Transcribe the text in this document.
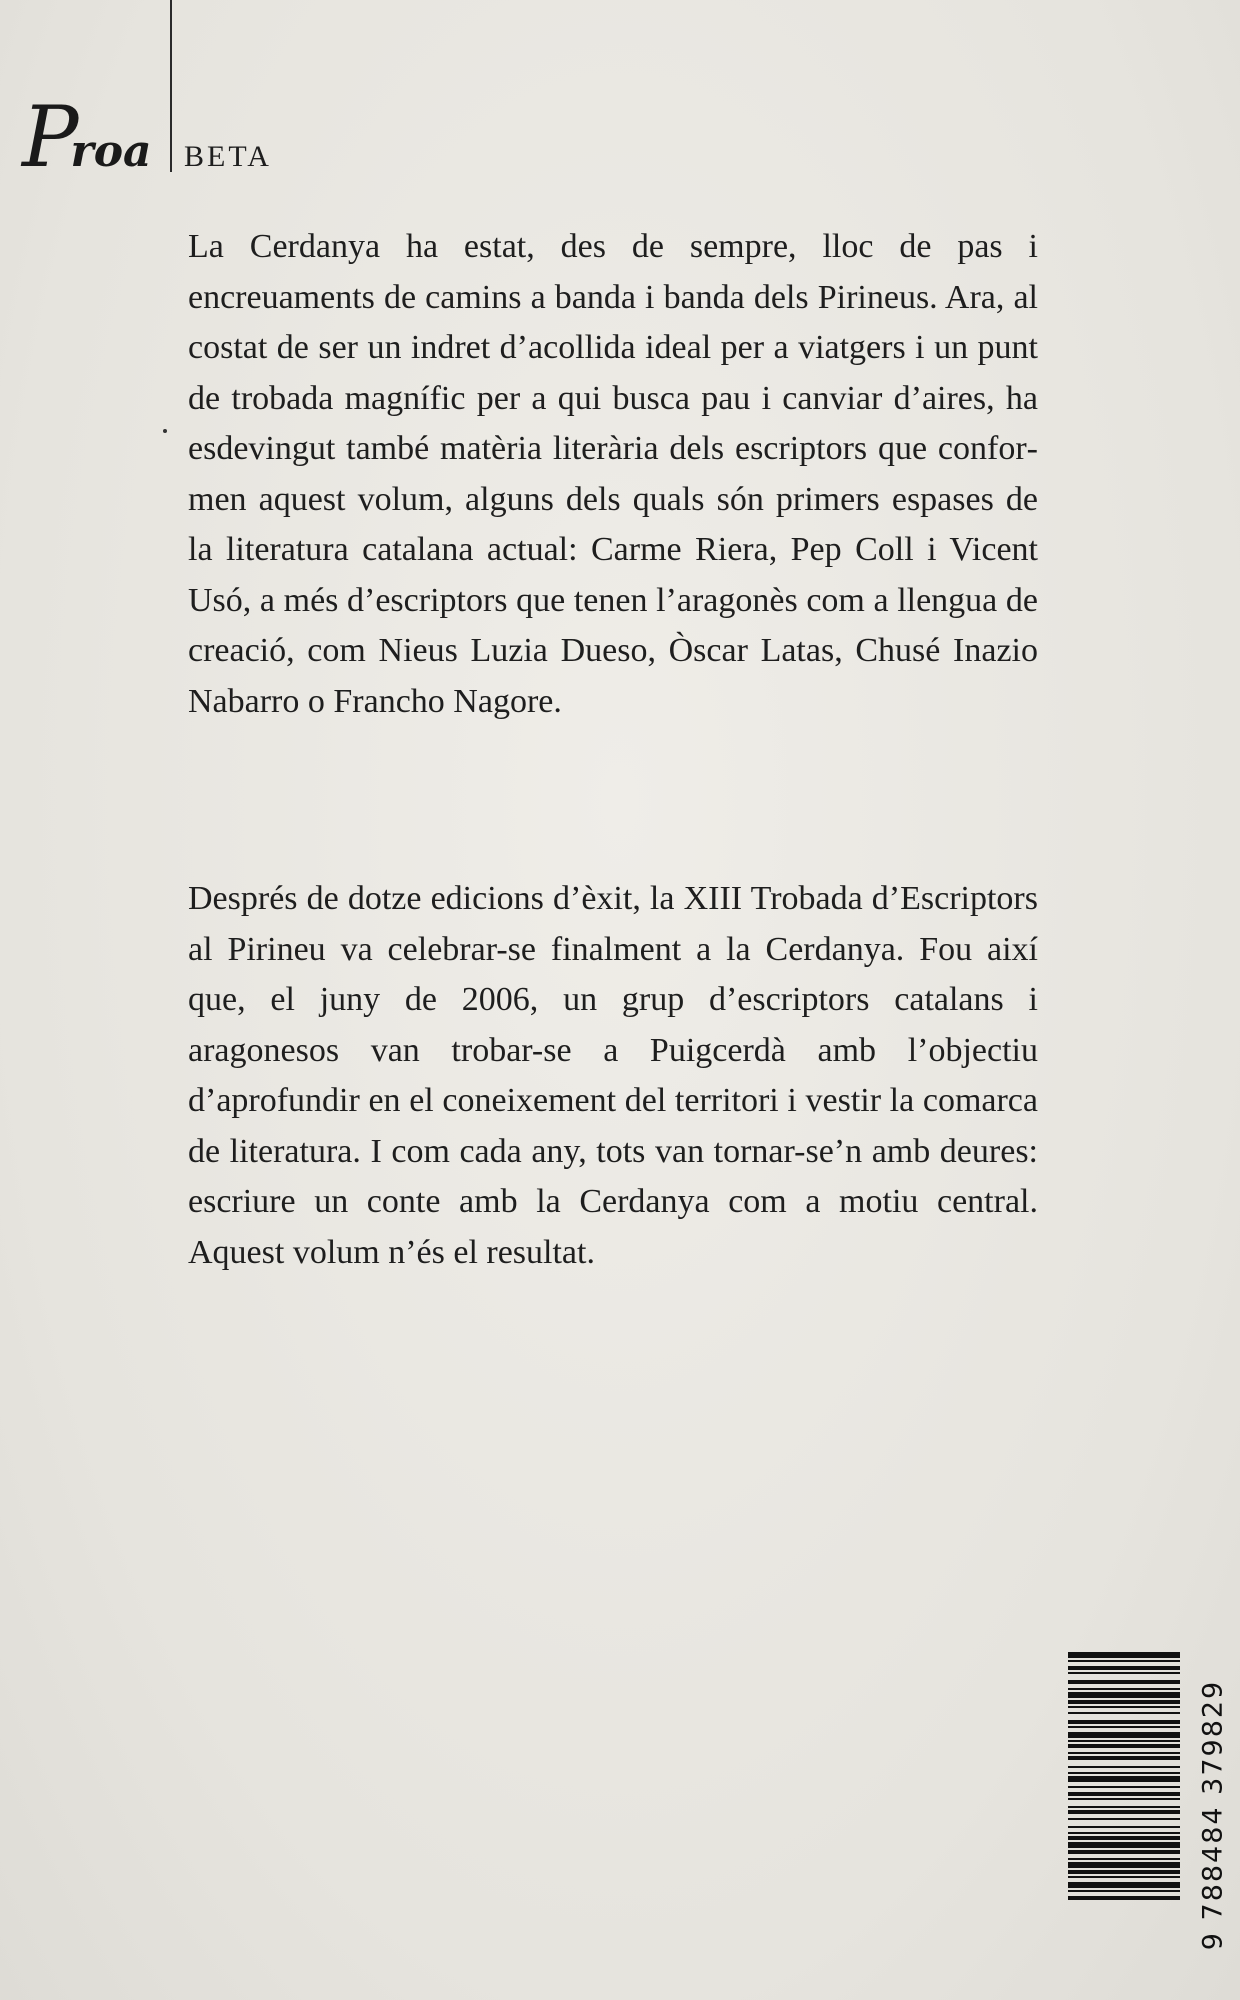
Proa BETA

La Cerdanya ha estat, des de sempre, lloc de pas i encreuaments de camins a banda i banda dels Pirineus. Ara, al costat de ser un indret d’acollida ideal per a viatgers i un punt de trobada magnífic per a qui busca pau i canviar d’aires, ha esdevingut també matèria literària dels escriptors que conformen aquest volum, alguns dels quals són primers espases de la literatura catalana actual: Carme Riera, Pep Coll i Vicent Usó, a més d’escriptors que tenen l’aragonès com a llengua de creació, com Nieus Luzia Dueso, Òscar Latas, Chusé Inazio Nabarro o Francho Nagore.

Després de dotze edicions d’èxit, la XIII Trobada d’Escriptors al Pirineu va celebrar-se finalment a la Cerdanya. Fou així que, el juny de 2006, un grup d’escriptors catalans i aragonesos van trobar-se a Puigcerdà amb l’objectiu d’aprofundir en el coneixement del territori i vestir la comarca de literatura. I com cada any, tots van tornar-se’n amb deures: escriure un conte amb la Cerdanya com a motiu central. Aquest volum n’és el resultat.

9 788484 379829
